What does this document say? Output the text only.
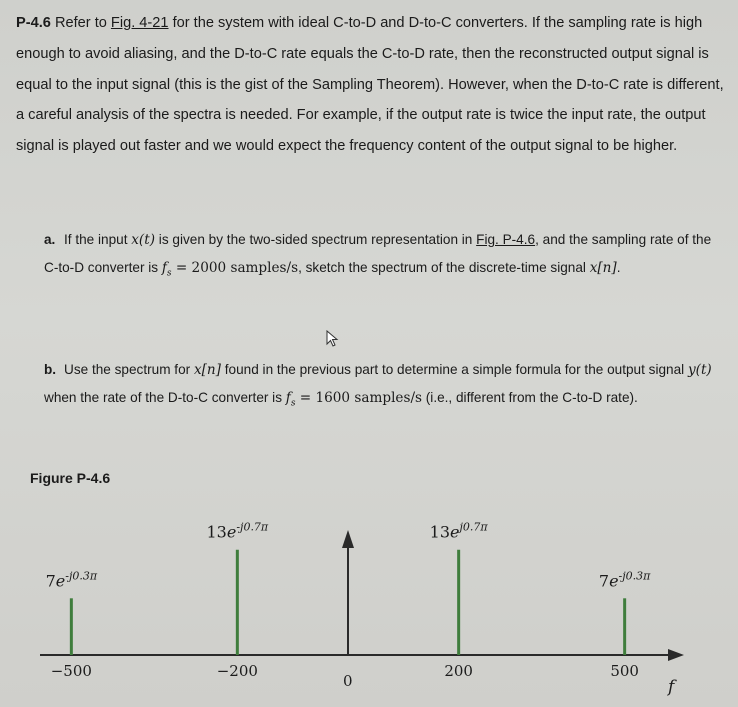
P-4.6 Refer to Fig. 4-21 for the system with ideal C-to-D and D-to-C converters. If the sampling rate is high enough to avoid aliasing, and the D-to-C rate equals the C-to-D rate, then the reconstructed output signal is equal to the input signal (this is the gist of the Sampling Theorem). However, when the D-to-C rate is different, a careful analysis of the spectra is needed. For example, if the output rate is twice the input rate, the output signal is played out faster and we would expect the frequency content of the output signal to be higher.
a. If the input x(t) is given by the two-sided spectrum representation in Fig. P-4.6, and the sampling rate of the C-to-D converter is $f_s = 2000$ samples/s, sketch the spectrum of the discrete-time signal x[n].
b. Use the spectrum for x[n] found in the previous part to determine a simple formula for the output signal y(t) when the rate of the D-to-C converter is $f_s = 1600$ samples/s (i.e., different from the C-to-D rate).
Figure P-4.6
f
0
−500
$7e^{-j0.3\pi}$
−200
$13e^{-j0.7\pi}$
200
$13e^{j0.7\pi}$
500
$7e^{-j0.3\pi}$
